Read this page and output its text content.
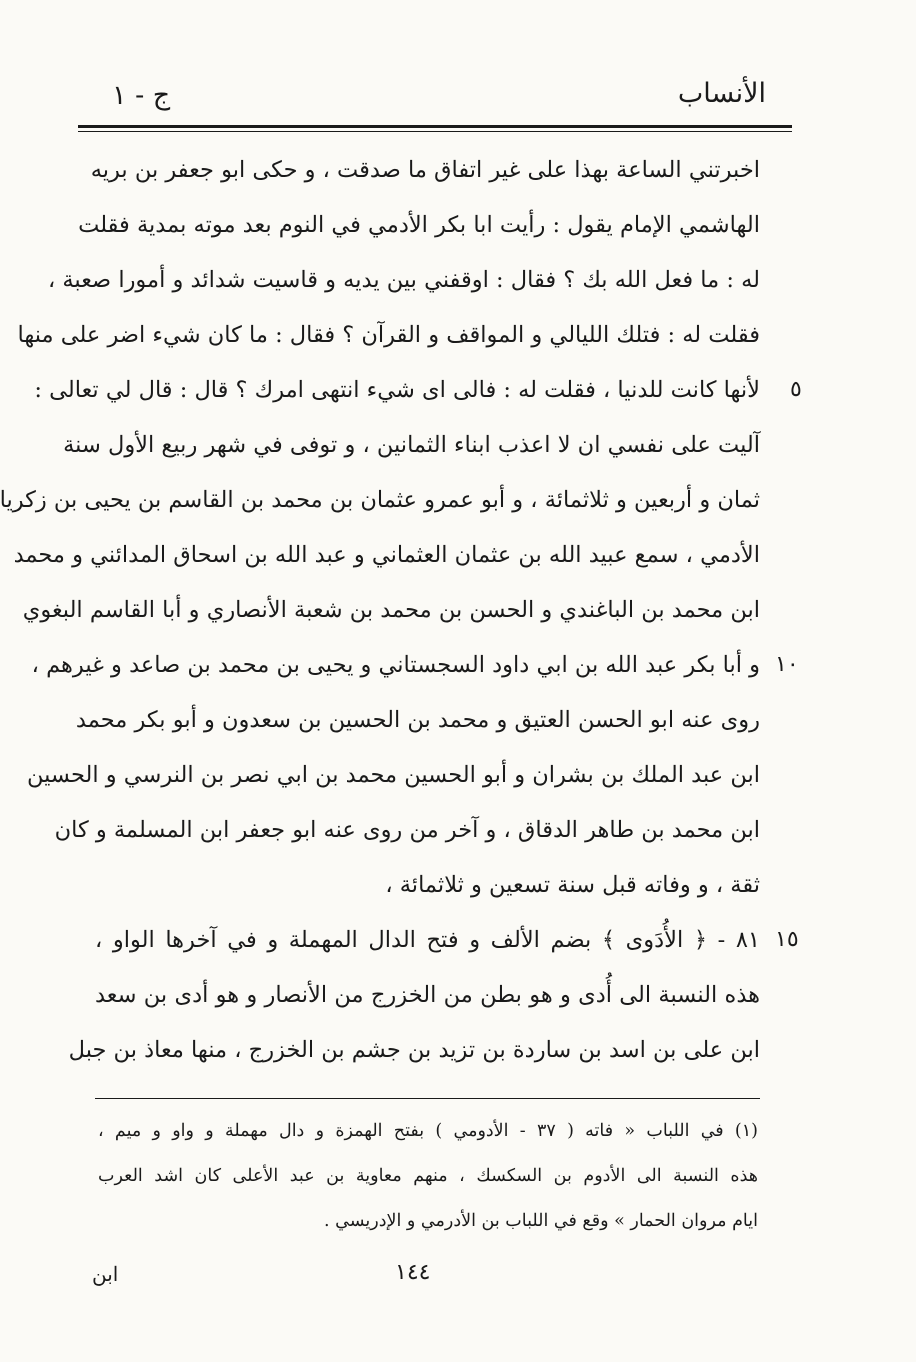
الأنساب
ج - ١
اخبرتني الساعة بهذا على غير اتفاق ما صدقت ، و حكى ابو جعفر بن بريه
الهاشمي الإمام يقول : رأيت ابا بكر الأدمي في النوم بعد موته بمدية فقلت
له : ما فعل الله بك ؟ فقال : اوقفني بين يديه و قاسيت شدائد و أمورا صعبة ،
فقلت له : فتلك الليالي و المواقف و القرآن ؟ فقال : ما كان شيء اضر على منها
لأنها كانت للدنيا ، فقلت له : فالى اى شيء انتهى امرك ؟ قال : قال لي تعالى :
آليت على نفسي ان لا اعذب ابناء الثمانين ، و توفى في شهر ربيع الأول سنة
ثمان و أربعين و ثلاثمائة ، و أبو عمرو عثمان بن محمد بن القاسم بن يحيى بن زكريا
الأدمي ، سمع عبيد الله بن عثمان العثماني و عبد الله بن اسحاق المدائني و محمد
ابن محمد بن الباغندي و الحسن بن محمد بن شعبة الأنصاري و أبا القاسم البغوي
و أبا بكر عبد الله بن ابي داود السجستاني و يحيى بن محمد بن صاعد و غيرهم ،
روى عنه ابو الحسن العتيق و محمد بن الحسين بن سعدون و أبو بكر محمد
ابن عبد الملك بن بشران و أبو الحسين محمد بن ابي نصر بن النرسي و الحسين
ابن محمد بن طاهر الدقاق ، و آخر من روى عنه ابو جعفر ابن المسلمة و كان
ثقة ، و وفاته قبل سنة تسعين و ثلاثمائة ،
٨١ - ﴿ الأُدَوى ﴾ بضم الألف و فتح الدال المهملة و في آخرها الواو ،
هذه النسبة الى أُدى و هو بطن من الخزرج من الأنصار و هو أدى بن سعد
ابن على بن اسد بن ساردة بن تزيد بن جشم بن الخزرج ، منها معاذ بن جبل
٥
١٠
١٥
(١) في اللباب « فاته ( ٣٧ - الأدومي ) بفتح الهمزة و دال مهملة و واو و ميم ،
هذه النسبة الى الأدوم بن السكسك ، منهم معاوية بن عبد الأعلى كان اشد العرب
ايام مروان الحمار » وقع في اللباب بن الأدرمي و الإدريسي .
١٤٤
ابن
